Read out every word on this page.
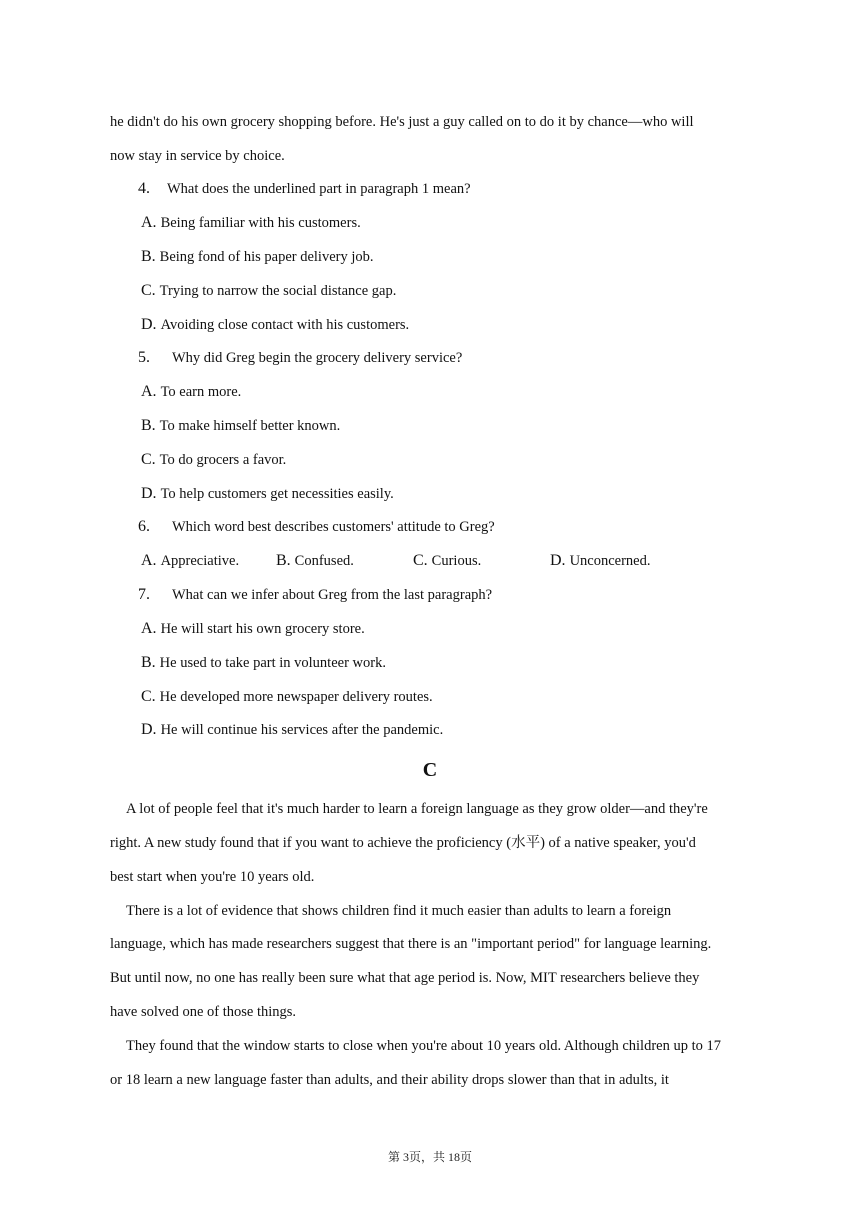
he didn't do his own grocery shopping before. He's just a guy called on to do it by chance—who will
now stay in service by choice.
4. What does the underlined part in paragraph 1 mean?
A. Being familiar with his customers.
B. Being fond of his paper delivery job.
C. Trying to narrow the social distance gap.
D. Avoiding close contact with his customers.
5. Why did Greg begin the grocery delivery service?
A. To earn more.
B. To make himself better known.
C. To do grocers a favor.
D. To help customers get necessities easily.
6. Which word best describes customers' attitude to Greg?
A. Appreciative. B. Confused.	C. Curious.	D. Unconcerned.
7. What can we infer about Greg from the last paragraph?
A. He will start his own grocery store.
B. He used to take part in volunteer work.
C. He developed more newspaper delivery routes.
D. He will continue his services after the pandemic.
C
A lot of people feel that it's much harder to learn a foreign language as they grow older—and they're
right. A new study found that if you want to achieve the proficiency (水平) of a native speaker, you'd
best start when you're 10 years old.
There is a lot of evidence that shows children find it much easier than adults to learn a foreign
language, which has made researchers suggest that there is an "important period" for language learning.
But until now, no one has really been sure what that age period is. Now, MIT researchers believe they
have solved one of those things.
They found that the window starts to close when you're about 10 years old. Although children up to 17
or 18 learn a new language faster than adults, and their ability drops slower than that in adults, it
第 3页，共 18页
